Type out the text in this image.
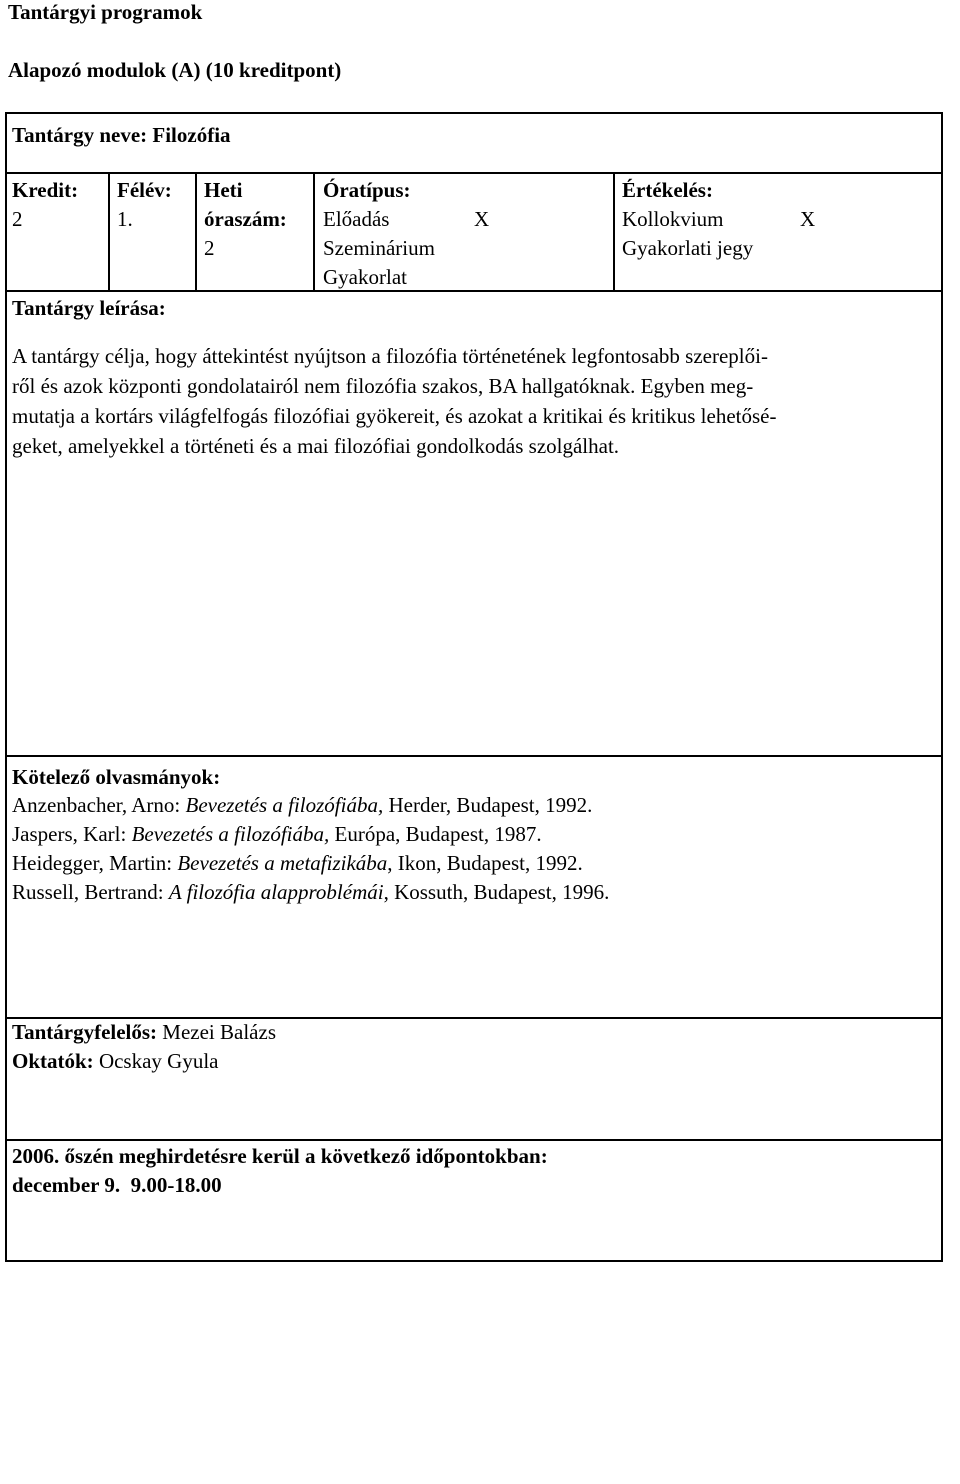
Tantárgyi programok
Alapozó modulok (A) (10 kreditpont)
Tantárgy neve: Filozófia
Kredit:
2
Félév:
1.
Heti
óraszám:
2
Óratípus:
Előadás	X
Szeminárium
Gyakorlat
Értékelés:
Kollokvium	X
Gyakorlati jegy
Tantárgy leírása:
A tantárgy célja, hogy áttekintést nyújtson a filozófia történetének legfontosabb szereplői-
ről és azok központi gondolatairól nem filozófia szakos, BA hallgatóknak. Egyben meg-
mutatja a kortárs világfelfogás filozófiai gyökereit, és azokat a kritikai és kritikus lehetősé-
geket, amelyekkel a történeti és a mai filozófiai gondolkodás szolgálhat.
Kötelező olvasmányok:
Anzenbacher, Arno: Bevezetés a filozófiába, Herder, Budapest, 1992.
Jaspers, Karl: Bevezetés a filozófiába, Európa, Budapest, 1987.
Heidegger, Martin: Bevezetés a metafizikába, Ikon, Budapest, 1992.
Russell, Bertrand: A filozófia alapproblémái, Kossuth, Budapest, 1996.
Tantárgyfelelős: Mezei Balázs
Oktatók: Ocskay Gyula
2006. őszén meghirdetésre kerül a következő időpontokban:
december 9.  9.00-18.00
